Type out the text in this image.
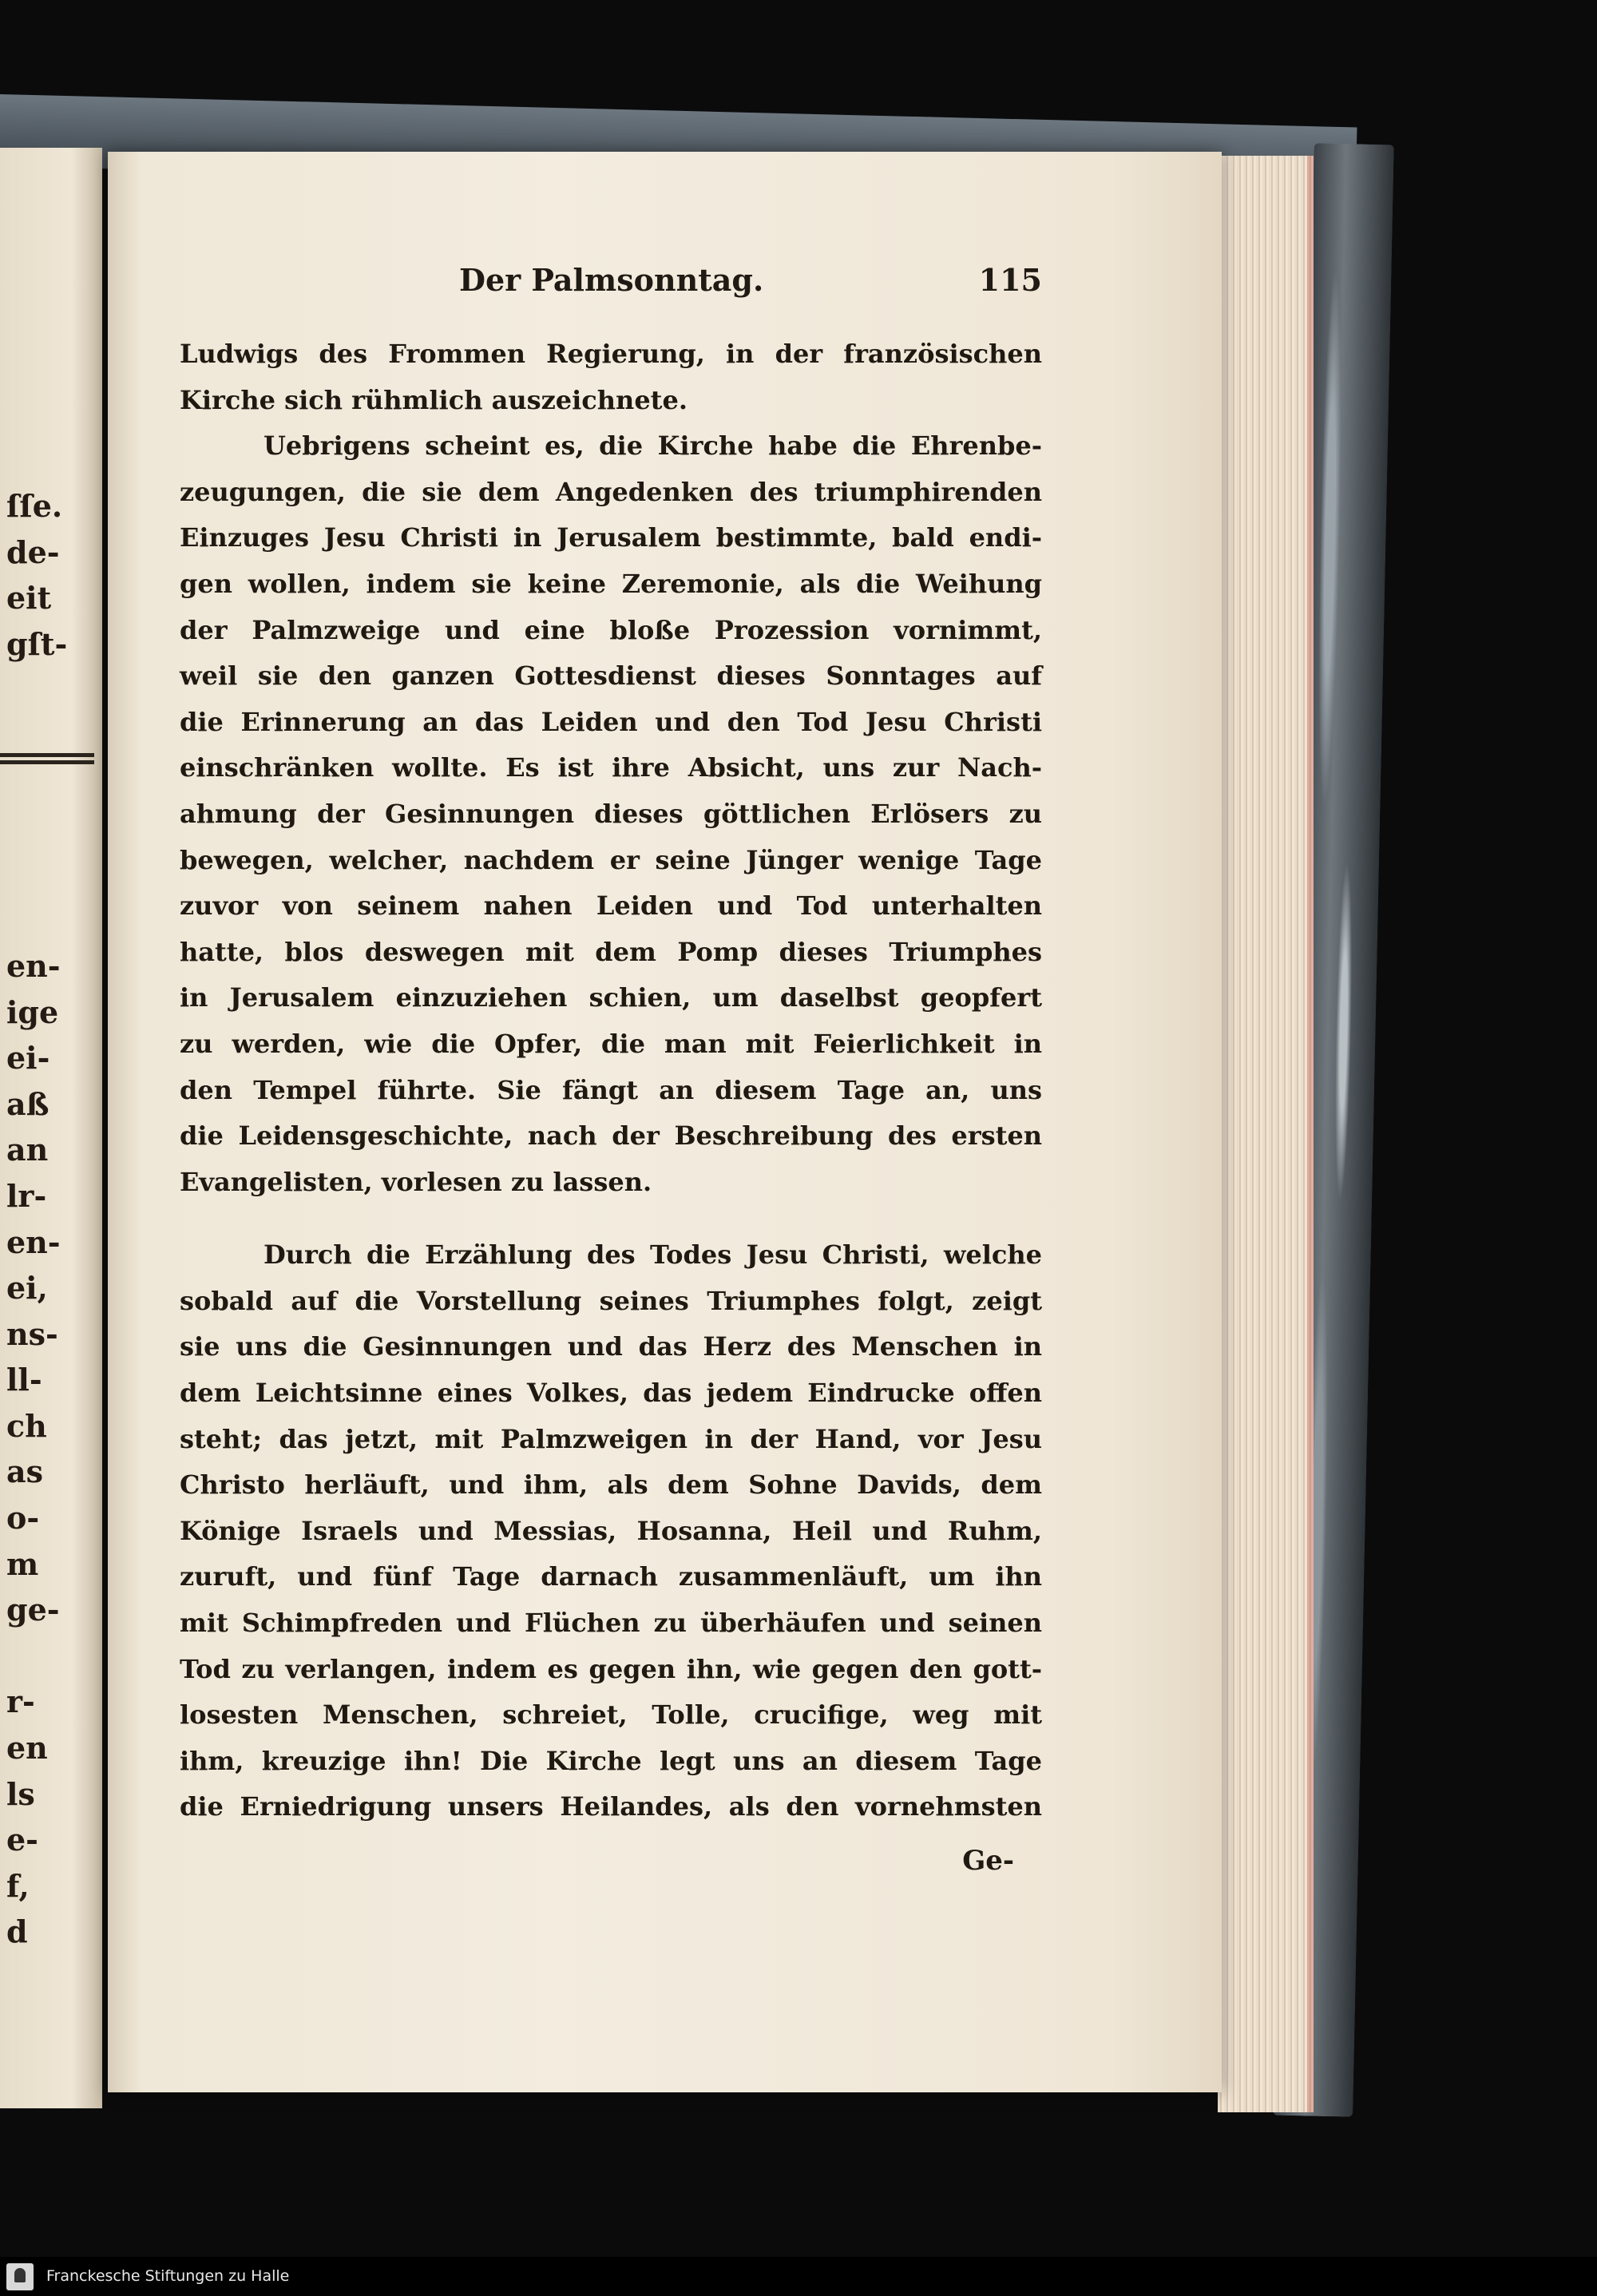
ſſe.
de-
eit
gſt-
en-
ige
ei-
aß
an
lr-
en-
ei,
ns-
ll-
ch
as
o-
m
ge-
r-
en
ls
e-
f,
d
Der Palmsonntag.	115
Ludwigs des Frommen Regierung, in der französischen
Kirche sich rühmlich auszeichnete.
Uebrigens scheint es, die Kirche habe die Ehrenbe-
zeugungen, die sie dem Angedenken des triumphirenden
Einzuges Jesu Christi in Jerusalem bestimmte, bald endi-
gen wollen, indem sie keine Zeremonie, als die Weihung
der Palmzweige und eine bloße Prozession vornimmt,
weil sie den ganzen Gottesdienst dieses Sonntages auf
die Erinnerung an das Leiden und den Tod Jesu Christi
einschränken wollte. Es ist ihre Absicht, uns zur Nach-
ahmung der Gesinnungen dieses göttlichen Erlösers zu
bewegen, welcher, nachdem er seine Jünger wenige Tage
zuvor von seinem nahen Leiden und Tod unterhalten
hatte, blos deswegen mit dem Pomp dieses Triumphes
in Jerusalem einzuziehen schien, um daselbst geopfert
zu werden, wie die Opfer, die man mit Feierlichkeit in
den Tempel führte. Sie fängt an diesem Tage an, uns
die Leidensgeschichte, nach der Beschreibung des ersten
Evangelisten, vorlesen zu lassen.
Durch die Erzählung des Todes Jesu Christi, welche
sobald auf die Vorstellung seines Triumphes folgt, zeigt
sie uns die Gesinnungen und das Herz des Menschen in
dem Leichtsinne eines Volkes, das jedem Eindrucke offen
steht; das jetzt, mit Palmzweigen in der Hand, vor Jesu
Christo herläuft, und ihm, als dem Sohne Davids, dem
Könige Israels und Messias, Hosanna, Heil und Ruhm,
zuruft, und fünf Tage darnach zusammenläuft, um ihn
mit Schimpfreden und Flüchen zu überhäufen und seinen
Tod zu verlangen, indem es gegen ihn, wie gegen den gott-
losesten Menschen, schreiet, Tolle, crucifige, weg mit
ihm, kreuzige ihn! Die Kirche legt uns an diesem Tage
die Erniedrigung unsers Heilandes, als den vornehmsten
Ge-
Franckesche Stiftungen zu Halle
